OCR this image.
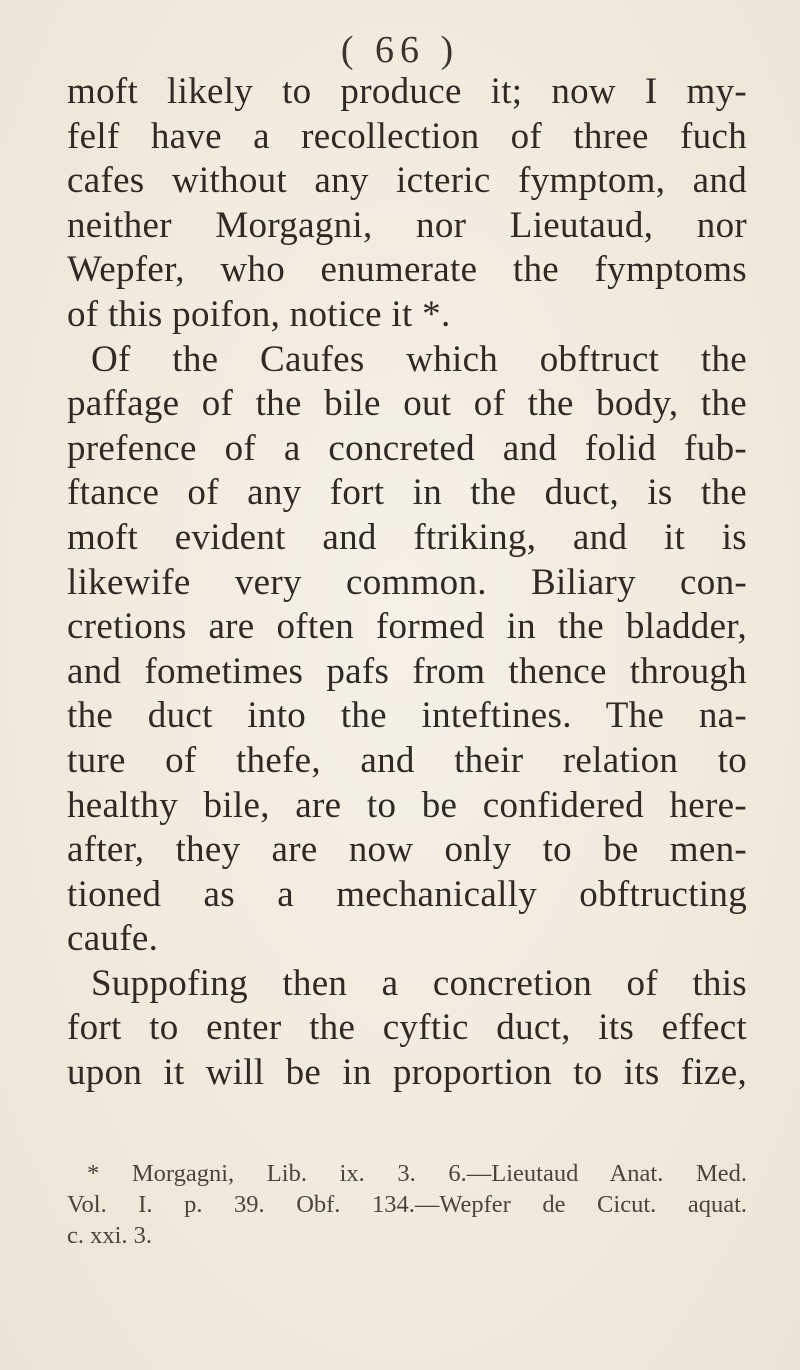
( 66 )
moft likely to produce it; now I my-
felf have a recollection of three fuch
cafes without any icteric fymptom, and
neither Morgagni, nor Lieutaud, nor
Wepfer, who enumerate the fymptoms
of this poifon, notice it *.
Of the Caufes which obftruct the
paffage of the bile out of the body, the
prefence of a concreted and folid fub-
ftance of any fort in the duct, is the
moft evident and ftriking, and it is
likewife very common. Biliary con-
cretions are often formed in the bladder,
and fometimes pafs from thence through
the duct into the inteftines. The na-
ture of thefe, and their relation to
healthy bile, are to be confidered here-
after, they are now only to be men-
tioned as a mechanically obftructing
caufe.
Suppofing then a concretion of this
fort to enter the cyftic duct, its effect
upon it will be in proportion to its fize,
* Morgagni, Lib. ix. 3. 6.—Lieutaud Anat. Med.
Vol. I. p. 39. Obf. 134.—Wepfer de Cicut. aquat.
c. xxi. 3.
